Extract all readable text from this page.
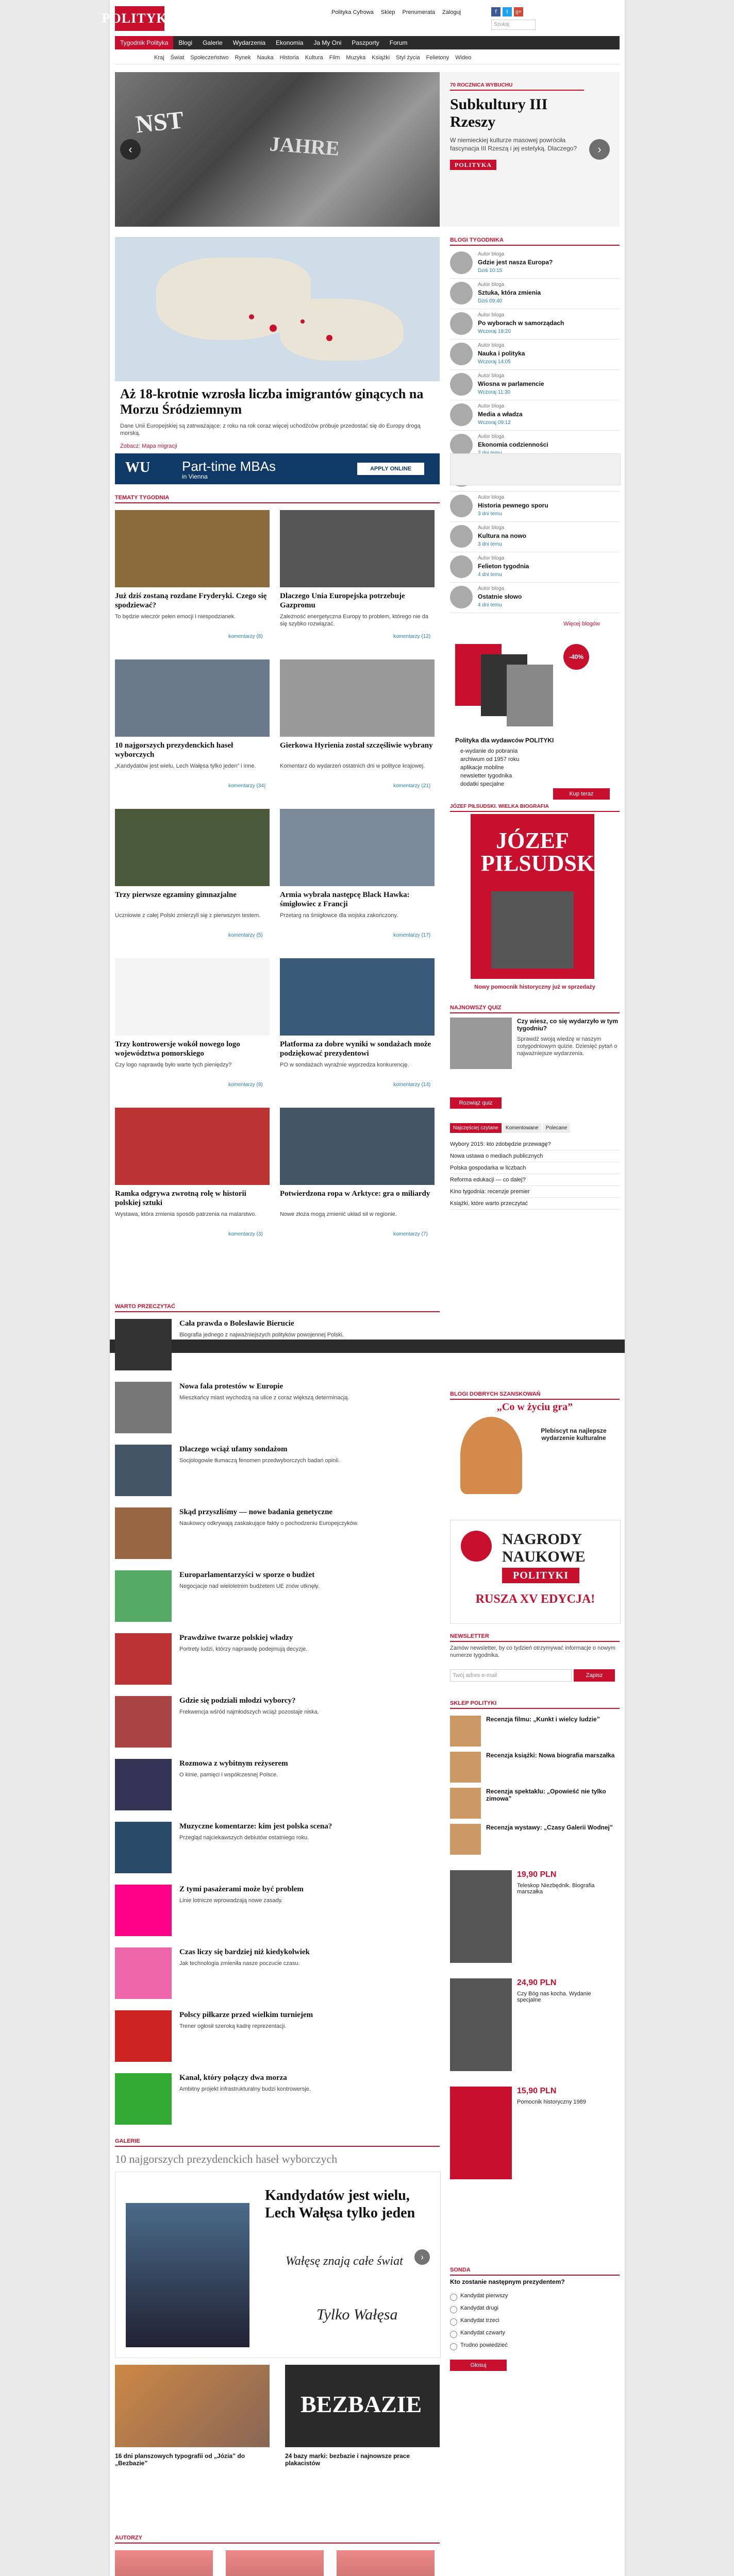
POLITYKA	Polityka Cyfrowa Sklep Prenumerata Zaloguj	f	t	g+
Szukaj
Tygodnik Polityka Blogi Galerie Wydarzenia Ekonomia Ja My Oni Paszporty Forum
Kraj Świat Społeczeństwo Rynek Nauka Historia Kultura Film Muzyka Książki Styl życia Felietony Wideo
NST
JAHRE
‹	›
70 ROCZNICA WYBUCHU
Subkultury III Rzeszy
W niemieckiej kulturze masowej powróciła fascynacja III Rzeszą i jej estetyką. Dlaczego?
POLITYKA
Aż 18-krotnie wzrosła liczba imigrantów ginących na Morzu Śródziemnym
Dane Unii Europejskiej są zatrważające: z roku na rok coraz więcej uchodźców próbuje przedostać się do Europy drogą morską.
Zobacz: Mapa migracji
BLOGI TYGODNIKA
Autor bloga
Gdzie jest nasza Europa?
Dziś 10:15
Autor bloga
Sztuka, która zmienia
Dziś 09:40
Autor bloga
Po wyborach w samorządach
Wczoraj 18:20
Autor bloga
Nauka i polityka
Wczoraj 14:05
Autor bloga
Wiosna w parlamencie
Wczoraj 11:30
Autor bloga
Media a władza
Wczoraj 09:12
Autor bloga
Ekonomia codzienności
Autor bloga
Historia pewnego sporu
3 dni temu
Autor bloga
Kultura na nowo
3 dni temu
Autor bloga
Felieton tygodnia
4 dni temu
Autor bloga
Ostatnie słowo
4 dni temu
Więcej blogów
WU Part-time MBAs
in Vienna
APPLY ONLINE
TEMATY TYGODNIA
-40%
Polityka dla wydawców POLITYKI
e-wydanie do pobrania
archiwum od 1957 roku
aplikacje mobilne
newsletter tygodnika
dodatki specjalne
Kup teraz
JÓZEF PIŁSUDSKI. WIELKA BIOGRAFIA
JÓZEF PIŁSUDSKI
Nowy pomocnik historyczny już w sprzedaży
NAJNOWSZY QUIZ
Czy wiesz, co się wydarzyło w tym tygodniu?
Sprawdź swoją wiedzę w naszym cotygodniowym quizie. Dziesięć pytań o najważniejsze wydarzenia.
Rozwiąż quiz
Najczęściej czytane	Komentowane	Polecane
Wybory 2015: kto zdobędzie przewagę?
Nowa ustawa o mediach publicznych
Polska gospodarka w liczbach
Reforma edukacji — co dalej?
Kino tygodnia: recenzje premier
Książki, które warto przeczytać
WARTO PRZECZYTAĆ
BLOGI DOBRYCH SZANSKOWAŃ
„Co w życiu gra”
Plebiscyt na najlepsze wydarzenie kulturalne
NAGRODY
NAUKOWE
POLITYKI
RUSZA XV EDYCJA!
NEWSLETTER
Zamów newsletter, by co tydzień otrzymywać informacje o nowym numerze tygodnika.
Twój adres e-mail	Zapisz
SKLEP POLITYKI
SONDA
Kto zostanie następnym prezydentem?
Głosuj
GALERIE
10 najgorszych prezydenckich haseł wyborczych
Kandydatów jest wielu,
Lech Wałęsa tylko jeden
Wałęsę znają całe świat
Tylko Wałęsa
›
BEZBAZIE
16 dni planszowych typografii od „Józia” do „Bezbazie”
24 bazy marki: bezbazie i najnowsze prace plakacistów
AUTORZY
Już dziś zostaną rozdane Fryderyki. Czego się spodziewać?
To będzie wieczór pełen emocji i niespodzianek.
komentarzy (8)
Dlaczego Unia Europejska potrzebuje Gazpromu
Zależność energetyczna Europy to problem, którego nie da się szybko rozwiązać.
komentarzy (12)
10 najgorszych prezydenckich haseł wyborczych
„Kandydatów jest wielu, Lech Wałęsa tylko jeden” i inne.
komentarzy (34)
Gierkowa Hyrienia został szczęśliwie wybrany
Komentarz do wydarzeń ostatnich dni w polityce krajowej.
komentarzy (21)
Trzy pierwsze egzaminy gimnazjalne
Uczniowie z całej Polski zmierzyli się z pierwszym testem.
komentarzy (5)
Armia wybrała następcę Black Hawka: śmigłowiec z Francji
Przetarg na śmigłowce dla wojska zakończony.
komentarzy (17)
Trzy kontrowersje wokół nowego logo województwa pomorskiego
Czy logo naprawdę było warte tych pieniędzy?
komentarzy (9)
Platforma za dobre wyniki w sondażach może podziękować prezydentowi
PO w sondażach wyraźnie wyprzedza konkurencję.
komentarzy (14)
Ramka odgrywa zwrotną rolę w historii polskiej sztuki
Wystawa, która zmienia sposób patrzenia na malarstwo.
komentarzy (3)
Potwierdzona ropa w Arktyce: gra o miliardy
Nowe złoża mogą zmienić układ sił w regionie.
komentarzy (7)
Cała prawda o Bolesławie Bierucie
Biografia jednego z najważniejszych polityków powojennej Polski.
Nowa fala protestów w Europie
Mieszkańcy miast wychodzą na ulice z coraz większą determinacją.
Dlaczego wciąż ufamy sondażom
Socjologowie tłumaczą fenomen przedwyborczych badań opinii.
Skąd przyszliśmy — nowe badania genetyczne
Naukowcy odkrywają zaskakujące fakty o pochodzeniu Europejczyków.
Europarlamentarzyści w sporze o budżet
Negocjacje nad wieloletnim budżetem UE znów utknęły.
Prawdziwe twarze polskiej władzy
Portrety ludzi, którzy naprawdę podejmują decyzje.
Gdzie się podziali młodzi wyborcy?
Frekwencja wśród najmłodszych wciąż pozostaje niska.
Rozmowa z wybitnym reżyserem
O kinie, pamięci i współczesnej Polsce.
Muzyczne komentarze: kim jest polska scena?
Przegląd najciekawszych debiutów ostatniego roku.
Z tymi pasażerami może być problem
Linie lotnicze wprowadzają nowe zasady.
Czas liczy się bardziej niż kiedykolwiek
Jak technologia zmieniła nasze poczucie czasu.
Polscy piłkarze przed wielkim turniejem
Trener ogłosił szeroką kadrę reprezentacji.
Kanał, który połączy dwa morza
Ambitny projekt infrastrukturalny budzi kontrowersje.
Recenzja filmu: „Kunkt i wielcy ludzie”
Recenzja książki: Nowa biografia marszałka
Recenzja spektaklu: „Opowieść nie tylko zimowa”
Recenzja wystawy: „Czasy Galerii Wodnej”
19,90 PLN
Teleskop Niezbędnik. Biografia marszałka
24,90 PLN
Czy Bóg nas kocha. Wydanie specjalne
15,90 PLN
Pomocnik historyczny 1989
Kandydat pierwszy
Kandydat drugi
Kandydat trzeci
Kandydat czwarty
Trudno powiedzieć
